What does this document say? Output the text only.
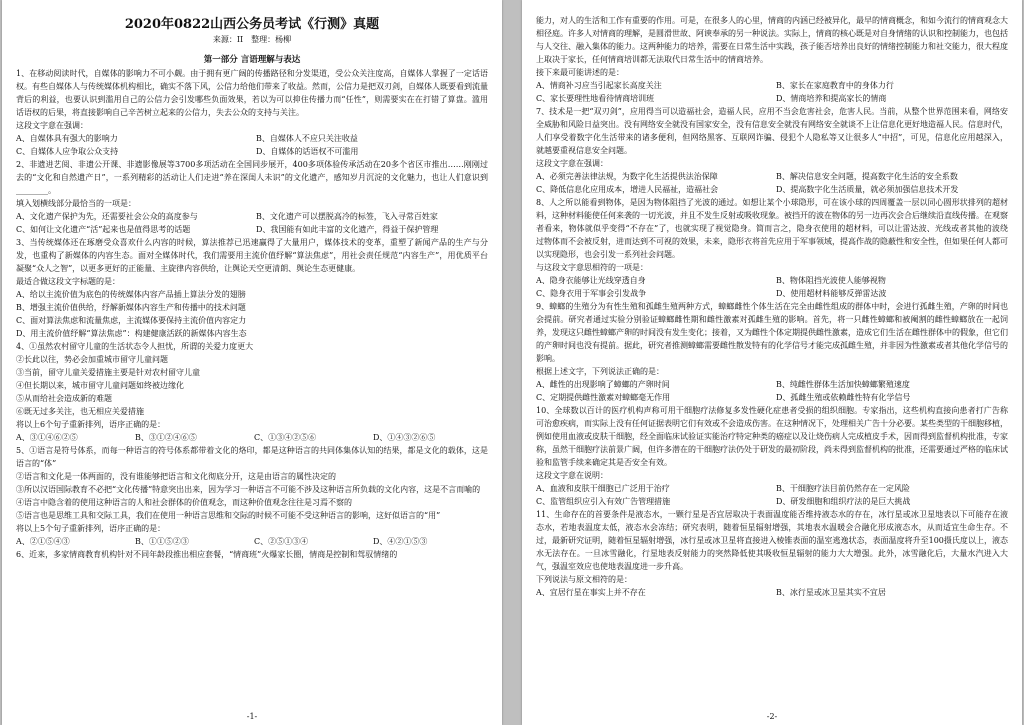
2020年0822山西公务员考试《行测》真题
来源：II　整理：杨柳
第一部分 言语理解与表达

1、在移动阅读时代，自媒体的影响力不可小觑。由于拥有更广阔的传播路径和分发渠道，受公众关注度高，自媒体人掌握了一定话语权。有些自媒体人与传统媒体机构相比，确实不落下风，公信力给他们带来了收益。然而，公信力是把双刃剑，自媒体人既要看到流量背后的利益，也要认识到滥用自己的公信力会引发哪些负面效果，若以为可以抑住传播力而“任性”，则需要实在在打错了算盘。滥用话语权的后果，将直接影响自己辛苦树立起来的公信力，失去公众的支持与关注。

这段文字意在强调：

A、自媒体具有强大的影响力	B、自媒体人不应只关注收益
C、自媒体人应争取公众支持	D、自媒体的话语权不可滥用

2、非遗进艺阅、非遗公开课、非遗影像展等3700多项活动在全国同步展开，400多项体验传承活动在20多个省区市推出……刚刚过去的“文化和自然遗产日”，一系列精彩的活动让人们走进“养在深闺人未识”的文化遗产，感知岁月沉淀的文化魅力，也让人们意识到________。

填入划横线部分最恰当的一项是：

A、文化遗产保护为先，还需要社会公众的高度参与	B、文化遗产可以摆脱高冷的标签，飞入寻常百姓家
C、如何让文化遗产“活”起来也是值得思考的话题	D、我国能有如此丰富的文化遗产，得益于保护管理

3、当传统媒体还在琢磨受众喜欢什么内容的时候，算法推荐已迅速赢得了大量用户，媒体技术的变革，重塑了新闻产品的生产与分发，也重构了新媒体的内容生态。面对全媒体时代，我们需要用主流价值纾解“算法焦虑”，用社会责任规范“内容生产”，用优质平台凝聚“众人之智”，以更多更好的正能量、主旋律内容供给，让舆论天空更清朗、舆论生态更健康。

最适合做这段文字标题的是：

A、给以主流价值为底色的传统媒体内容产品插上算法分发的翅膀

B、增强主流价值供给，纾解新媒体内容生产和传播中的技术问题

C、面对算法焦虑和流量焦虑，主流媒体要保持主流价值内容定力

D、用主流价值纾解“算法焦虑”：构建健康活跃的新媒体内容生态

4、①虽然农村留守儿童的生活状态令人担忧，所谓的关爱力度更大

②长此以往，势必会加重城市留守儿童问题

③当前，留守儿童关爱措施主要是针对农村留守儿童

④但长期以来，城市留守儿童问题如终被边缘化

⑤从而给社会造成新的难题

⑥既无过多关注，也无相应关爱措施

将以上6个句子重新排列，语序正确的是：

A、③①④⑥②⑤	B、③①②④⑥⑤	C、①③④②⑤⑥	D、①④③②⑥⑤

5、①语言是符号体系，而每一种语言的符号体系都带着文化的烙印，都是这种语言的共同体集体认知的结果，都是文化的载体，这是语言的“体”

②语言和文化是一体两面的，没有谁能够把语言和文化彻底分开，这是由语言的属性决定的

③所以汉语国际教育不必把“文化传播”特意突出出来，因为学习一种语言不可能不涉及这种语言所负载的文化内容，这是不言而喻的

④语言中隐含着的使用这种语言的人和社会群体的价值观念，而这种价值观念往往是习焉不察的

⑤语言也是思维工具和交际工具，我们在使用一种语言思维和交际的时候不可能不受这种语言的影响，这好似语言的“用”

将以上5个句子重新排列，语序正确的是：

A、②①⑤④③	B、①①⑤②③	C、②⑤①③④	D、④②①⑤③

6、近来，多家情商教育机构针对不同年龄段推出相应套餐，“情商班”火爆家长圈，情商是控制和驾驭情绪的

-1-

能力，对人的生活和工作有重要的作用。可是，在很多人的心里，情商的内涵已经被异化，最早的情商概念，和如今流行的情商观念大相径庭。许多人对情商的理解，是圆滑世故、阿谀奉承的另一种说法。实际上，情商的核心既是对自身情绪的认识和控制能力，也包括与人交往、融入集体的能力。这两种能力的培养，需要在日常生活中实践，孩子能否培养出良好的情绪控制能力和社交能力，很大程度上取决于家长，任何情商培训都无法取代日常生活中的情商培养。

接下来最可能讲述的是：

A、情商补习应当引起家长高度关注	B、家长在家庭教育中的身体力行
C、家长要理性地看待情商培训班	D、情商培养和提高家长的情商

7、技术是一把“双刃剑”，应用得当可以造福社会，造福人民，应用不当会危害社会，危害人民。当前，从整个世界范围来看，网络安全威胁和风险日益突出。没有网络安全就没有国家安全，没有信息安全就没有网络安全就谈不上让信息化更好地造福人民。信息时代，人们享受着数字化生活带来的诸多便利，但网络黑客、互联网诈骗、侵犯个人隐私等又让很多人“中招”，可见，信息化应用越深入，就越要重视信息安全问题。

这段文字意在强调：

A、必须完善法律法规，为数字化生活提供法治保障	B、解决信息安全问题，提高数字化生活的安全系数
C、降低信息化应用成本，增进人民福祉，造福社会	D、提高数字化生活质量，就必须加强信息技术开发

8、人之所以能看到物体，是因为物体阻挡了光波的通过。如想让某个小球隐形，可在该小球的四周覆盖一层以同心圆形状排列的超材料，这种材料能使任何来袭的一切光波，并且不发生反射或吸收现象。被挡开的波在物体的另一边再次会合后继续沿直线传播。在观察者看来，物体就似乎变得“不存在”了，也就实现了视觉隐身。简而言之，隐身衣使用的超材料，可以让雷达波、光线或者其他的波绕过物体而不会被反射，进而达到不可视的效果，未来，隐形衣将首先应用于军事领域，提高作战的隐蔽性和安全性，但如果任何人都可以实现隐形，也会引发一系列社会问题。

与这段文字意思相符的一项是：

A、隐身衣能够让光线穿透自身	B、物体阻挡光波使人能够视物
C、隐身衣用于军事会引发战争	D、使用超材料能够反弹雷达波

9、蟑螂的生殖分为有性生殖和孤雌生殖两种方式，蟑螂雌性个体生活在完全由雌性组成的群体中时，会进行孤雌生殖，产卵的时间也会提前。研究者通过实验分别验证蟑螂雌性期和雌性激素对孤雌生殖的影响。首先，将一只雌性蟑螂和被阉割的雌性蟑螂放在一起饲养，发现这只雌性蟑螂产卵的时间没有发生变化；接着，又为雌性个体定期提供雌性激素，造成它们生活在雌性群体中的假象，但它们的产卵时间也没有提前。据此，研究者推测蟑螂需要雌性散发特有的化学信号才能完成孤雌生殖，并非因为性激素或者其他化学信号的影响。

根据上述文字，下列说法正确的是：

A、雌性的出现影响了蟑螂的产卵时间	B、纯雌性群体生活加快蟑螂繁殖速度
C、定期提供雌性激素对蟑螂毫无作用	D、孤雌生殖或依赖雌性特有化学信号

10、全球数以百计的医疗机构声称可用干细胞疗法修复多发性硬化症患者受损的组织细胞。专家指出，这些机构直接向患者打广告称可治愈疾病，而实际上没有任何证据表明它们有效或不会造成伤害。在这种情况下，处理相关广告十分必要。某些类型的干细胞移植，例如使用血液或皮肤干细胞，经全面临床试验证实能治疗特定种类的癌症以及让烧伤病人完成植皮手术，因而得到监督机构批准，专家称，虽然干细胞疗法前景广阔，但许多潜在的干细胞疗法仍处于研发的最初阶段，尚未得到监督机构的批准，还需要通过严格的临床试验和监管手续来确定其是否安全有效。

这段文字意在说明：

A、血液和皮肤干细胞已广泛用于治疗	B、干细胞疗法目前仍然存在一定风险
C、监管组织应引入有效广告管理措施	D、研发细胞和组织疗法的是巨大挑战

11、生命存在的首要条件是液态水，一颗行星是否宜居取决于表面温度能否维持液态水的存在，冰行星或冰卫星地表以下可能存在液态水，若地表温度太低，液态水会冻结；研究表明，随着恒星辐射增强，其地表水温暖会合融化形成液态水，从而适宜生命生存。不过，最新研究证明，随着恒星辐射增强，冰行星或冰卫星将直接进入棱锥表面的温室逃逸状态，表面温度将升至100摄氏度以上，液态水无法存在。一旦冰雪融化，行星地表反射能力的突然降低使其吸收恒星辐射的能力大大增强。此外，冰雪融化后，大量水汽进入大气，强温室效应也使地表温度进一步升高。

下列说法与原文相符的是：

A、宜居行星在事实上并不存在	B、冰行星或冰卫星其实不宜居
-2-
